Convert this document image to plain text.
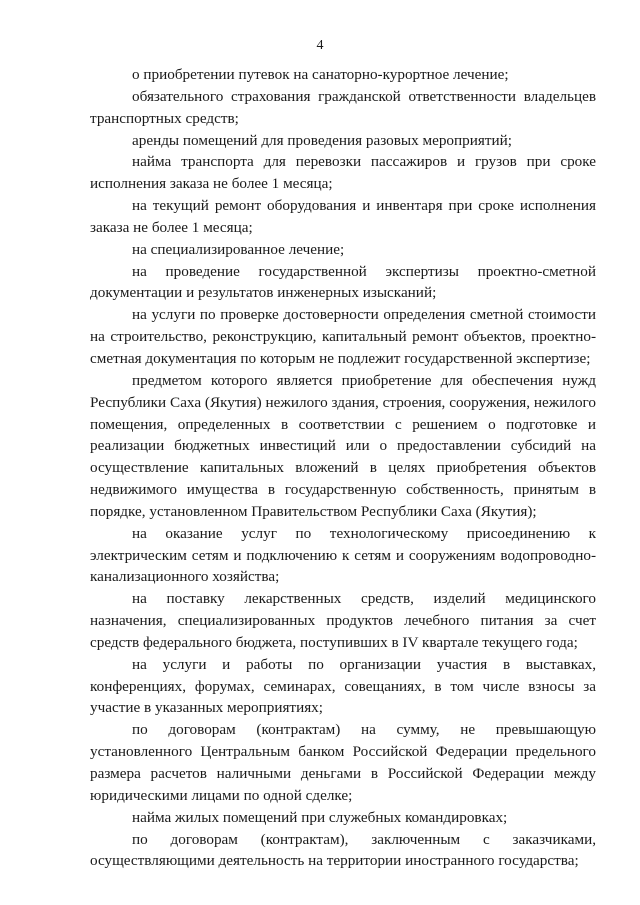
4

о приобретении путевок на санаторно-курортное лечение;

обязательного страхования гражданской ответственности владельцев транспортных средств;

аренды помещений для проведения разовых мероприятий;

найма транспорта для перевозки пассажиров и грузов при сроке исполнения заказа не более 1 месяца;

на текущий ремонт оборудования и инвентаря при сроке исполнения заказа не более 1 месяца;

на специализированное лечение;

на проведение государственной экспертизы проектно-сметной документации и результатов инженерных изысканий;

на услуги по проверке достоверности определения сметной стоимости на строительство, реконструкцию, капитальный ремонт объектов, проектно-сметная документация по которым не подлежит государственной экспертизе;

предметом которого является приобретение для обеспечения нужд Республики Саха (Якутия) нежилого здания, строения, сооружения, нежилого помещения, определенных в соответствии с решением о подготовке и реализации бюджетных инвестиций или о предоставлении субсидий на осуществление капитальных вложений в целях приобретения объектов недвижимого имущества в государственную собственность, принятым в порядке, установленном Правительством Республики Саха (Якутия);

на оказание услуг по технологическому присоединению к электрическим сетям и подключению к сетям и сооружениям водопроводно-канализационного хозяйства;

на поставку лекарственных средств, изделий медицинского назначения, специализированных продуктов лечебного питания за счет средств федерального бюджета, поступивших в IV квартале текущего года;

на услуги и работы по организации участия в выставках, конференциях, форумах, семинарах, совещаниях, в том числе взносы за участие в указанных мероприятиях;

по договорам (контрактам) на сумму, не превышающую установленного Центральным банком Российской Федерации предельного размера расчетов наличными деньгами в Российской Федерации между юридическими лицами по одной сделке;

найма жилых помещений при служебных командировках;

по договорам (контрактам), заключенным с заказчиками, осуществляющими деятельность на территории иностранного государства;
